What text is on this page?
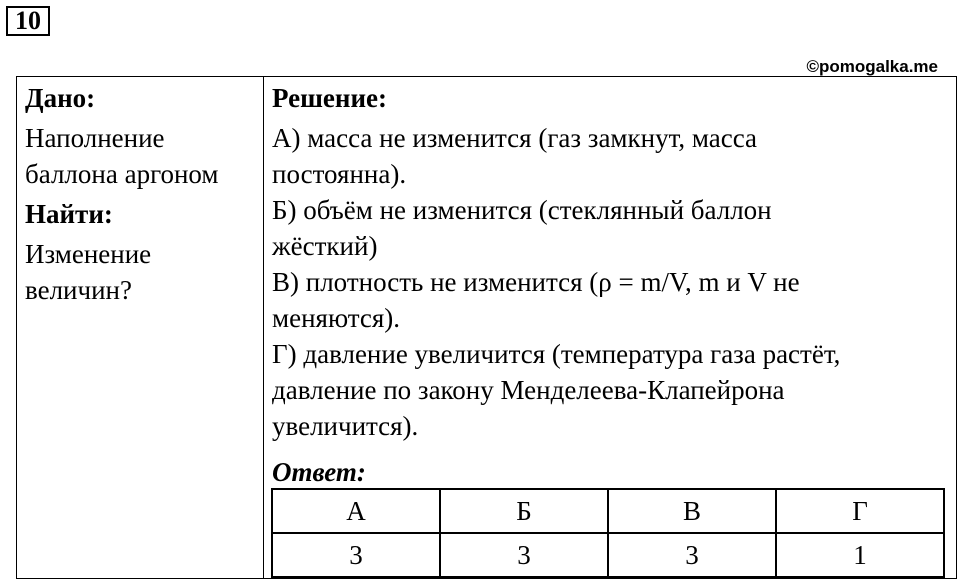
10
©pomogalka.me
Дано:
Наполнение
баллона аргоном
Найти:
Изменение
величин?
Решение:
А) масса не изменится (газ замкнут, масса
постоянна).
Б) объём не изменится (стеклянный баллон
жёсткий)
В) плотность не изменится (ρ = m/V, m и V не
меняются).
Г) давление увеличится (температура газа растёт,
давление по закону Менделеева-Клапейрона
увеличится).
Ответ:
А	Б	В	Г
3	3	3	1
